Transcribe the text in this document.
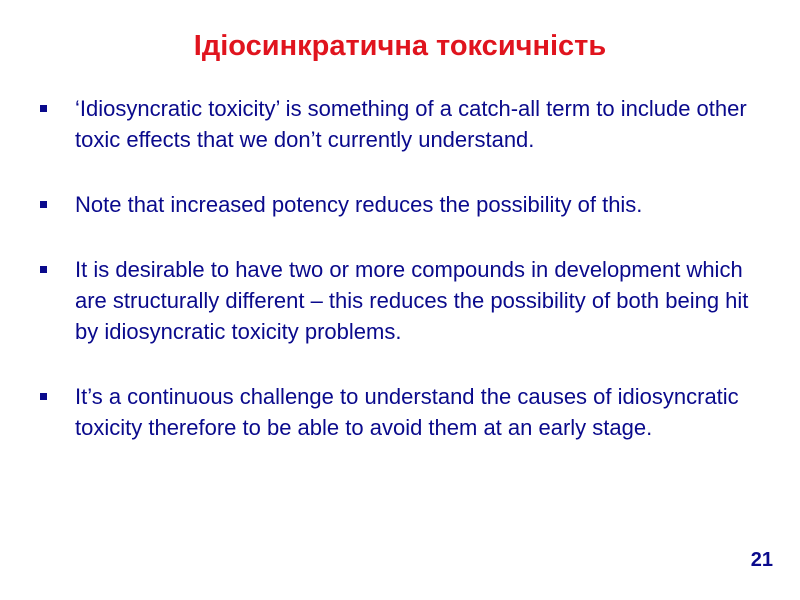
Ідіосинкратична токсичність
‘Idiosyncratic toxicity’ is something of a catch-all term to include other toxic effects that we don’t currently understand.
Note that increased potency reduces the possibility of this.
It is desirable to have two or more compounds in development which are structurally different – this reduces the possibility of both being hit by idiosyncratic toxicity problems.
It’s a continuous challenge to understand the causes of idiosyncratic toxicity therefore to be able to avoid them at an early stage.
21
